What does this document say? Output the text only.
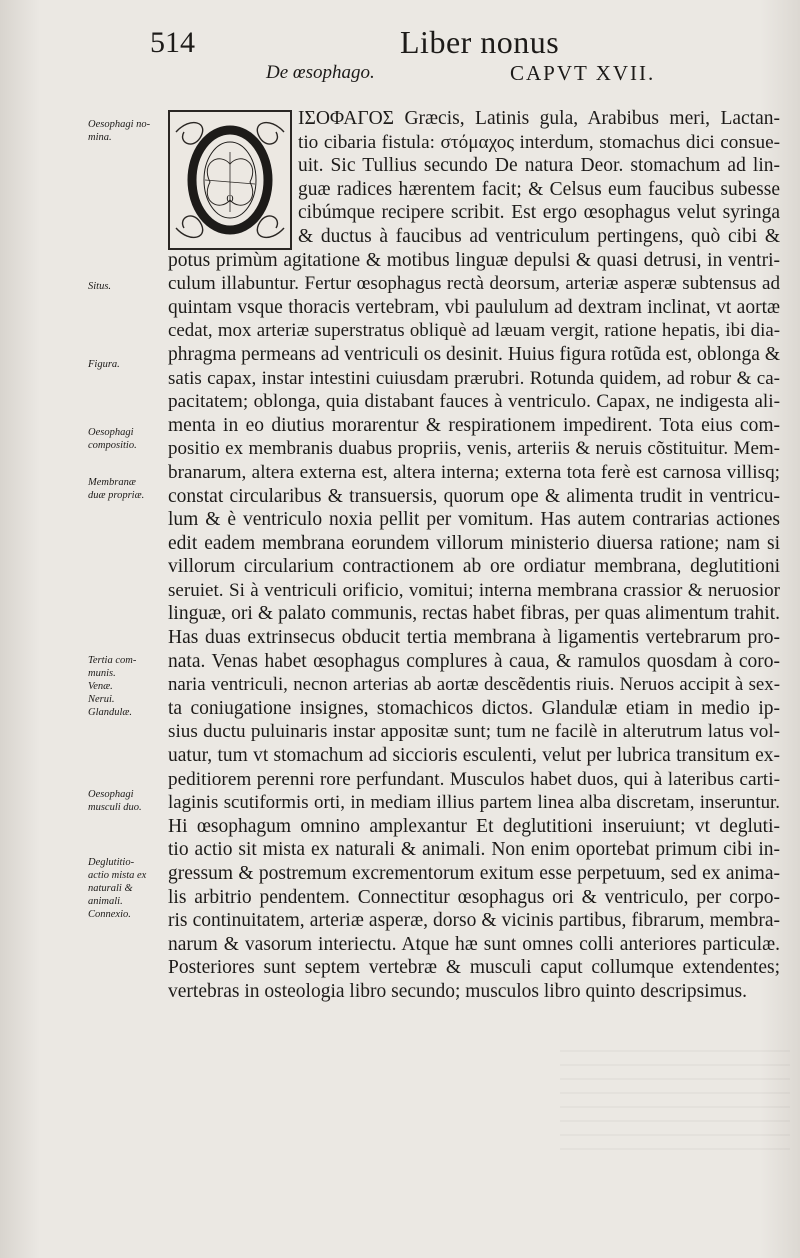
514	Liber nonus
De œsophago.	CAPVT XVII.
Oesophagi no-
mina.
Situs.
Figura.
Oesophagi
compositio.
Membranæ
duæ propriæ.
Tertia com-
munis.
Venæ.
Nerui.
Glandulæ.
Oesophagi
musculi duo.
Deglutitio-
actio mista ex
naturali &
animali.
Connexio.
O
ΙΣΟΦΑΓΟΣ Græcis, Latinis gula, Arabibus meri, Lactan-
tio cibaria fistula: στόμαχος interdum, stomachus dici consue-
uit. Sic Tullius secundo De natura Deor. stomachum ad lin-
guæ radices hærentem facit; & Celsus eum faucibus subesse
cibúmque recipere scribit. Est ergo œsophagus velut syringa
& ductus à faucibus ad ventriculum pertingens, quò cibi &
potus primùm agitatione & motibus linguæ depulsi & quasi detrusi, in ventri-
culum illabuntur. Fertur œsophagus rectà deorsum, arteriæ asperæ subtensus ad
quintam vsque thoracis vertebram, vbi paululum ad dextram inclinat, vt aortæ
cedat, mox arteriæ superstratus obliquè ad læuam vergit, ratione hepatis, ibi dia-
phragma permeans ad ventriculi os desinit. Huius figura rotũda est, oblonga &
satis capax, instar intestini cuiusdam prærubri. Rotunda quidem, ad robur & ca-
pacitatem; oblonga, quia distabant fauces à ventriculo. Capax, ne indigesta ali-
menta in eo diutius morarentur & respirationem impedirent. Tota eius com-
positio ex membranis duabus propriis, venis, arteriis & neruis cõstituitur. Mem-
branarum, altera externa est, altera interna; externa tota ferè est carnosa villisq;
constat circularibus & transuersis, quorum ope & alimenta trudit in ventricu-
lum & è ventriculo noxia pellit per vomitum. Has autem contrarias actiones
edit eadem membrana eorundem villorum ministerio diuersa ratione; nam si
villorum circularium contractionem ab ore ordiatur membrana, deglutitioni
seruiet. Si à ventriculi orificio, vomitui; interna membrana crassior & neruosior
linguæ, ori & palato communis, rectas habet fibras, per quas alimentum trahit.
Has duas extrinsecus obducit tertia membrana à ligamentis vertebrarum pro-
nata. Venas habet œsophagus complures à caua, & ramulos quosdam à coro-
naria ventriculi, necnon arterias ab aortæ descẽdentis riuis. Neruos accipit à sex-
ta coniugatione insignes, stomachicos dictos. Glandulæ etiam in medio ip-
sius ductu puluinaris instar appositæ sunt; tum ne facilè in alterutrum latus vol-
uatur, tum vt stomachum ad siccioris esculenti, velut per lubrica transitum ex-
peditiorem perenni rore perfundant. Musculos habet duos, qui à lateribus carti-
laginis scutiformis orti, in mediam illius partem linea alba discretam, inseruntur.
Hi œsophagum omnino amplexantur Et deglutitioni inseruiunt; vt degluti-
tio actio sit mista ex naturali & animali. Non enim oportebat primum cibi in-
gressum & postremum excrementorum exitum esse perpetuum, sed ex anima-
lis arbitrio pendentem. Connectitur œsophagus ori & ventriculo, per corpo-
ris continuitatem, arteriæ asperæ, dorso & vicinis partibus, fibrarum, membra-
narum & vasorum interiectu. Atque hæ sunt omnes colli anteriores particulæ.
Posteriores sunt septem vertebræ & musculi caput collumque extendentes;
vertebras in osteologia libro secundo; musculos libro quinto descripsimus.
